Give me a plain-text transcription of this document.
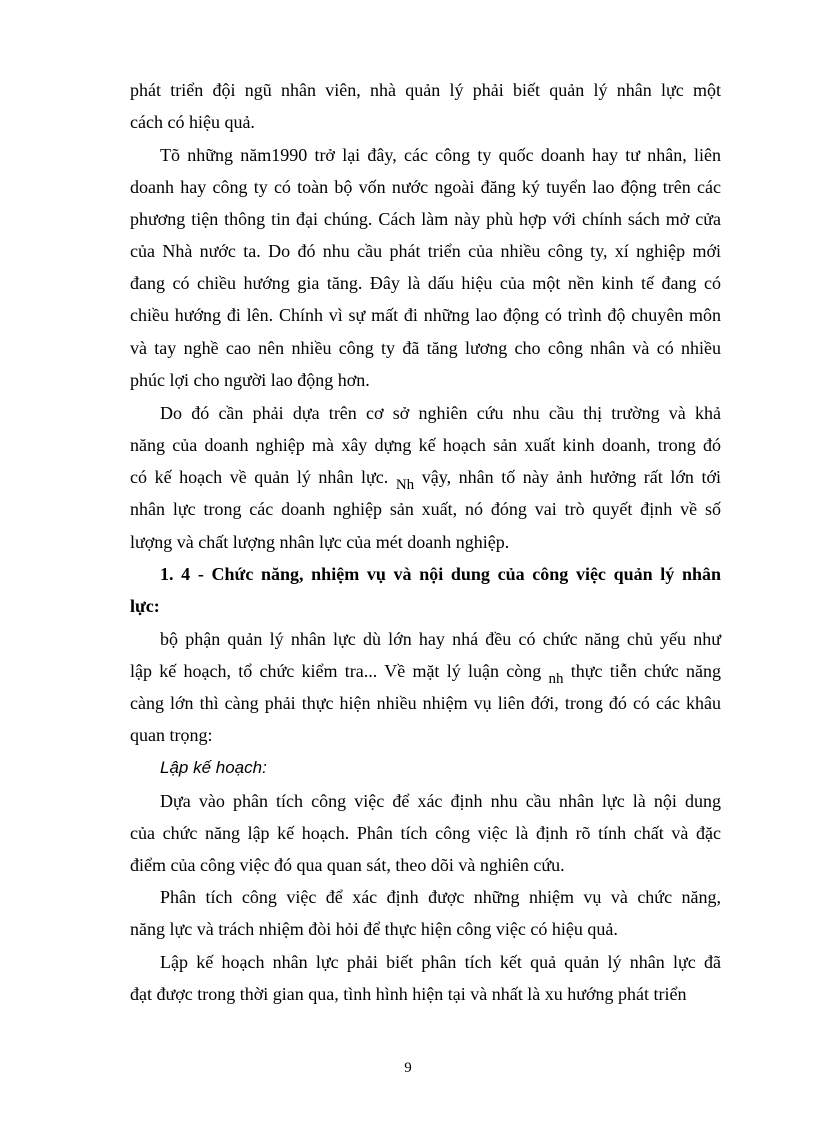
phát triển đội ngũ nhân viên, nhà quản lý phải biết quản lý nhân lực một
cách có hiệu quả.
Tõ những năm1990 trở lại đây, các công ty quốc doanh hay tư nhân, liên
doanh hay công ty có toàn bộ vốn nước ngoài đăng ký tuyển lao động trên các
phương tiện thông tin đại chúng. Cách làm này phù hợp với chính sách mở cửa
của Nhà nước ta. Do đó nhu cầu phát triển của nhiều công ty, xí nghiệp mới
đang có chiều hướng gia tăng. Đây là dấu hiệu của một nền kinh tế đang có
chiều hướng đi lên. Chính vì sự mất đi những lao động có trình độ chuyên môn
và tay nghề cao nên nhiều công ty đã tăng lương cho công nhân và có nhiều
phúc lợi cho người lao động hơn.
Do đó cần phải dựa trên cơ sở nghiên cứu nhu cầu thị trường và khả
năng của doanh nghiệp mà xây dựng kế hoạch sản xuất kinh doanh, trong đó
có kế hoạch về quản lý nhân lực. $_{Nh}$ vậy, nhân tố này ảnh hưởng rất lớn tới
nhân lực trong các doanh nghiệp sản xuất, nó đóng vai trò quyết định về số
lượng và chất lượng nhân lực của mét doanh nghiệp.
1. 4 - Chức năng, nhiệm vụ và nội dung của công việc quản lý nhân
lực:
bộ phận quản lý nhân lực dù lớn hay nhá đều có chức năng chủ yếu như
lập kế hoạch, tổ chức kiểm tra... Về mặt lý luận còng $_{nh}$ thực tiễn chức năng
càng lớn thì càng phải thực hiện nhiều nhiệm vụ liên đới, trong đó có các khâu
quan trọng:
Lập kế hoạch:
Dựa vào phân tích công việc để xác định nhu cầu nhân lực là nội dung
của chức năng lập kế hoạch. Phân tích công việc là định rõ tính chất và đặc
điểm của công việc đó qua quan sát, theo dõi và nghiên cứu.
Phân tích công việc để xác định được những nhiệm vụ và chức năng,
năng lực và trách nhiệm đòi hỏi để thực hiện công việc có hiệu quả.
Lập kế hoạch nhân lực phải biết phân tích kết quả quản lý nhân lực đã
đạt được trong thời gian qua, tình hình hiện tại và nhất là xu hướng phát triển
9
